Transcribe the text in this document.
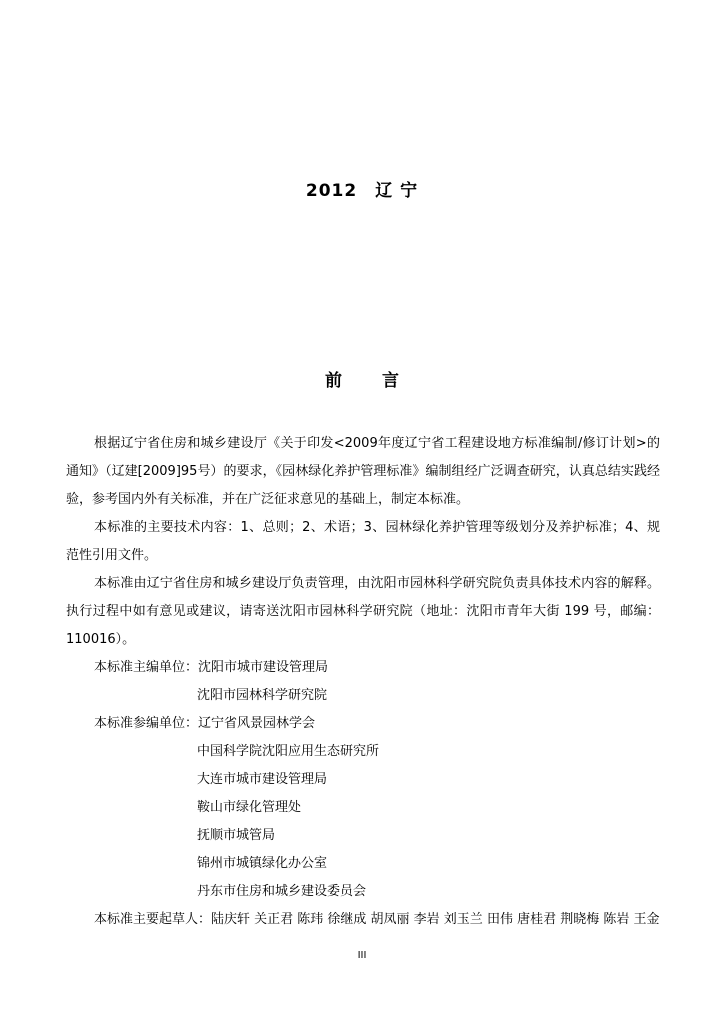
2012 辽 宁
前 言

根据辽宁省住房和城乡建设厅《关于印发<2009年度辽宁省工程建设地方标准编制/修订计划>的通知》（辽建[2009]95号）的要求，《园林绿化养护管理标准》编制组经广泛调查研究，认真总结实践经验，参考国内外有关标准，并在广泛征求意见的基础上，制定本标准。

本标准的主要技术内容：1、总则；2、术语；3、园林绿化养护管理等级划分及养护标准；4、规范性引用文件。

本标准由辽宁省住房和城乡建设厅负责管理，由沈阳市园林科学研究院负责具体技术内容的解释。执行过程中如有意见或建议，请寄送沈阳市园林科学研究院（地址：沈阳市青年大街 199 号，邮编：110016）。

本标准主编单位：沈阳市城市建设管理局

沈阳市园林科学研究院

本标准参编单位：辽宁省风景园林学会

中国科学院沈阳应用生态研究所

大连市城市建设管理局

鞍山市绿化管理处

抚顺市城管局

锦州市城镇绿化办公室

丹东市住房和城乡建设委员会

本标准主要起草人：陆庆轩 关正君 陈玮 徐继成 胡凤丽 李岩 刘玉兰 田伟 唐桂君 荆晓梅 陈岩 王金

III
